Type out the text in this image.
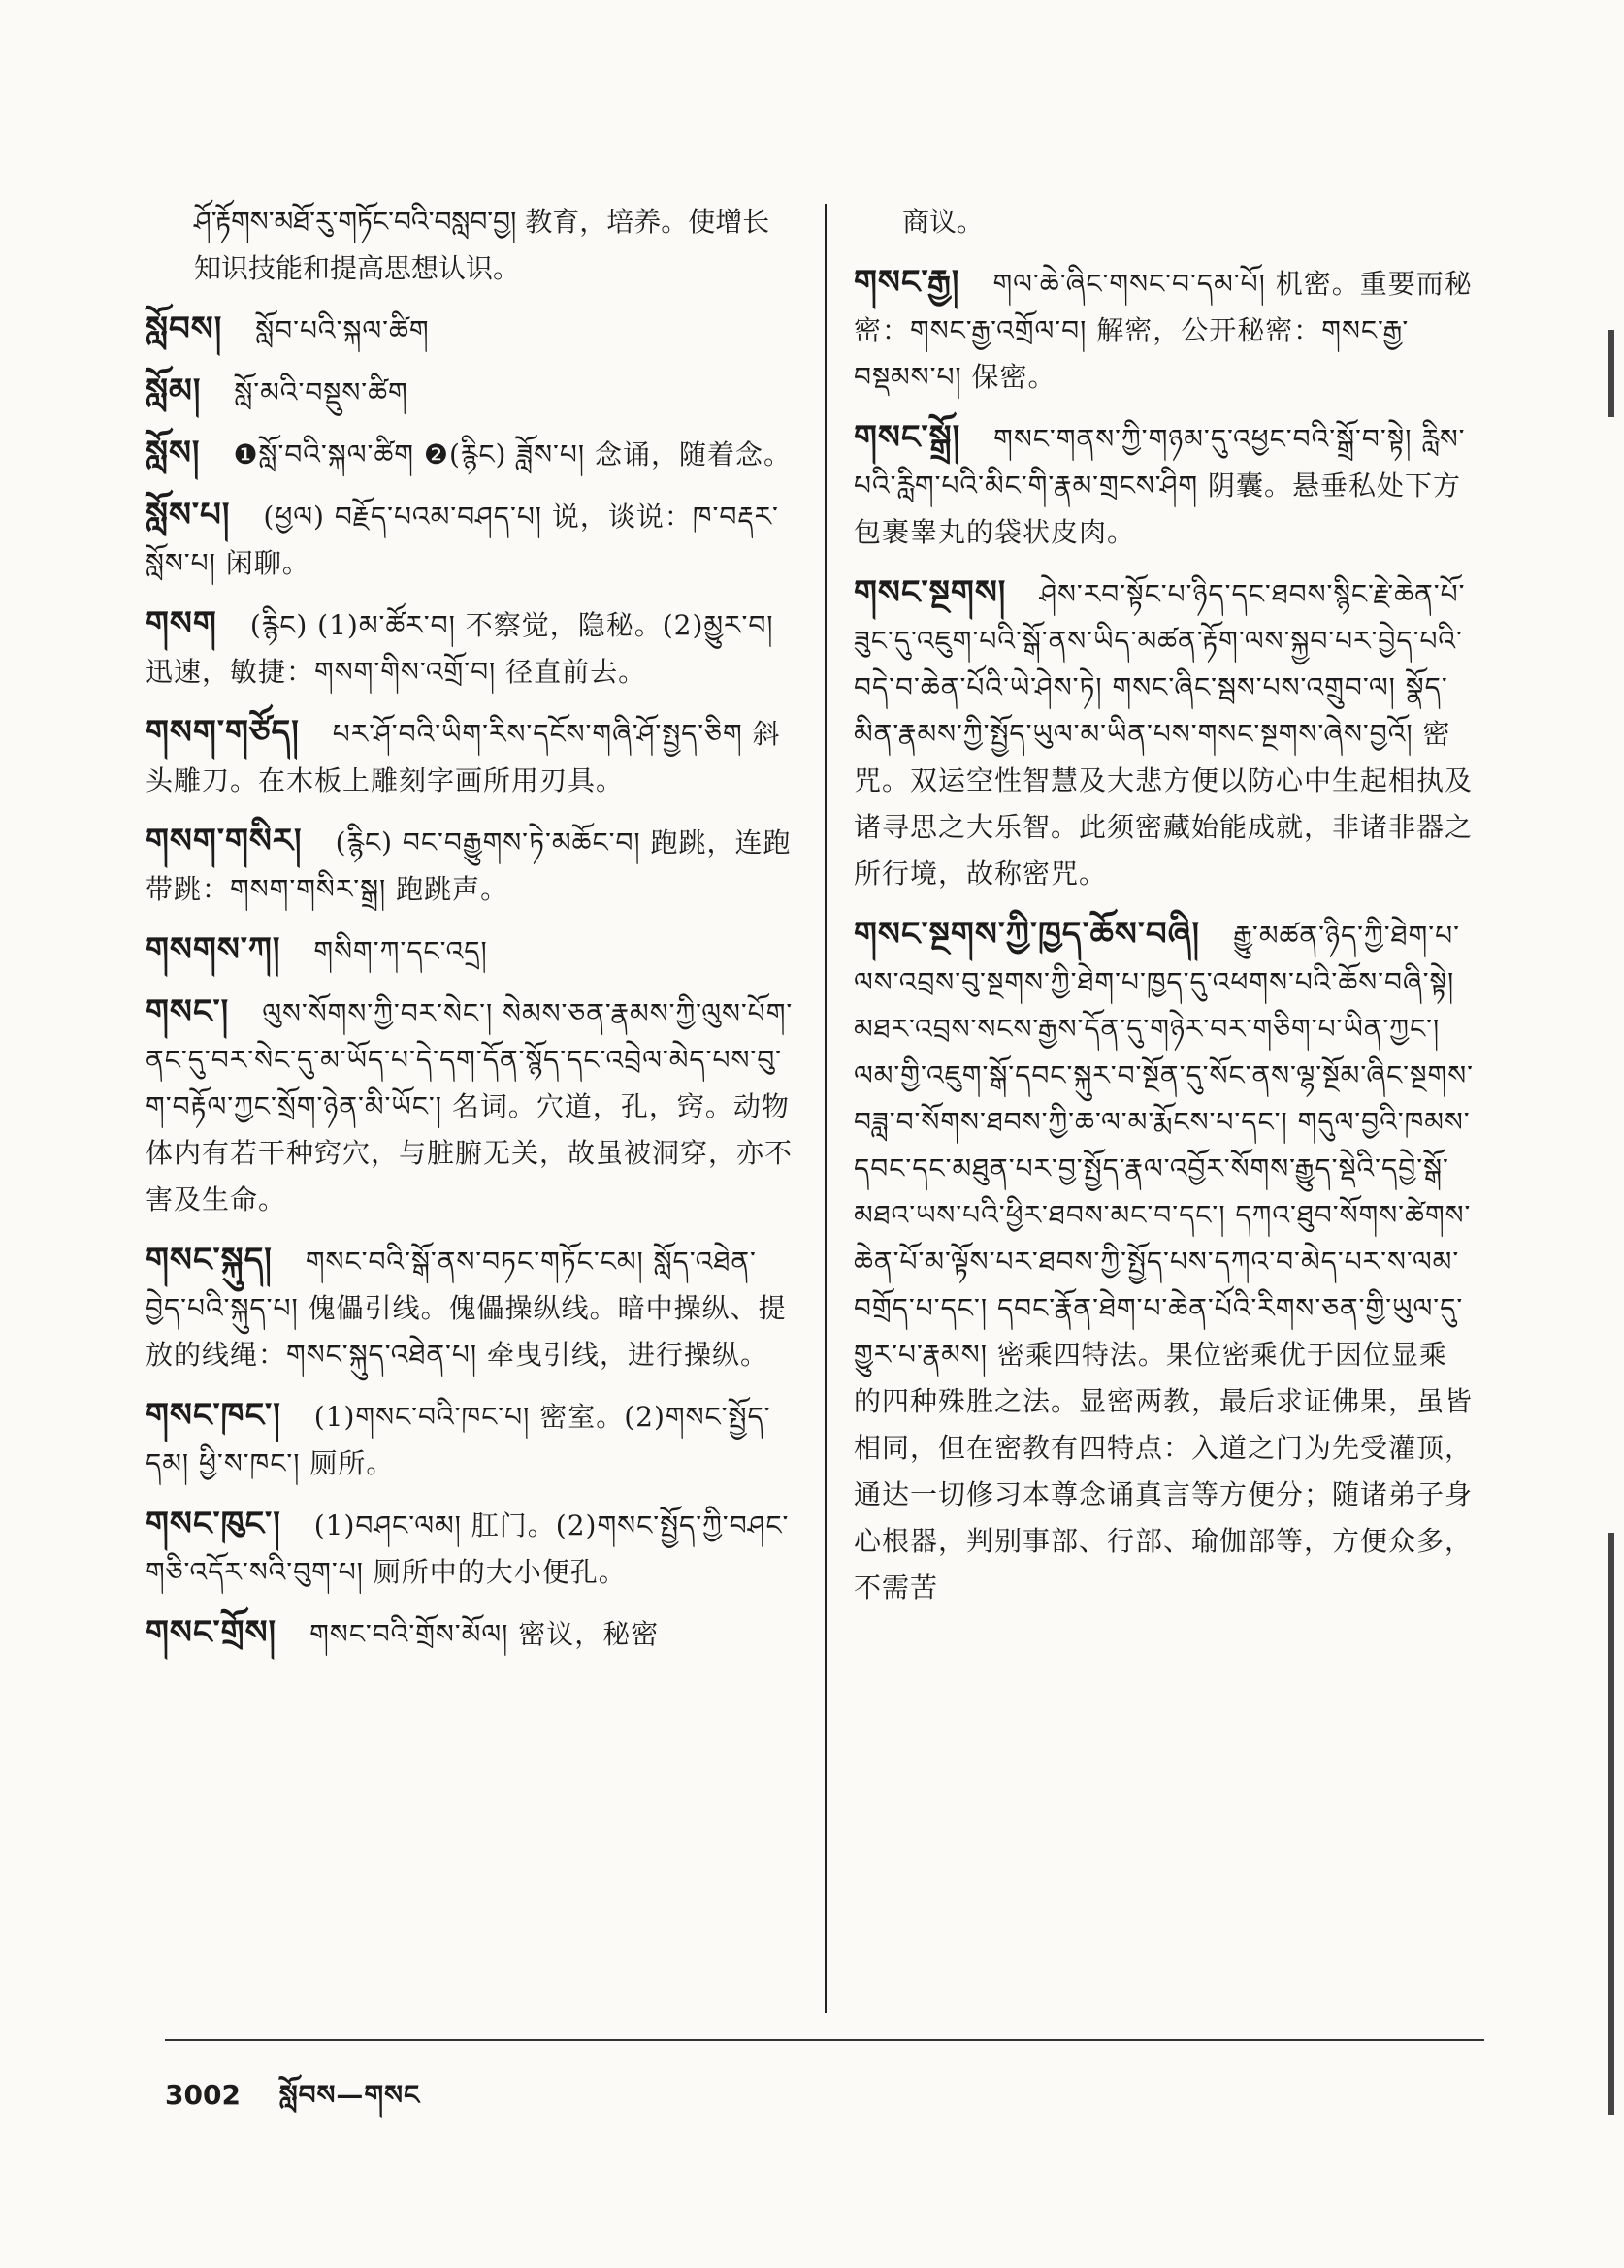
ཤོ་རྟོགས་མཐོ་རུ་གཏོང་བའི་བསླབ་བྱ། 教育，培养。使增长知识技能和提高思想认识。
སློབས། སློབ་པའི་སྐལ་ཚིག
སློམ། སློ་མའི་བསྡུས་ཚིག
སློས། ❶སློ་བའི་སྐལ་ཚིག ❷(རྙིང) ཟློས་པ། 念诵，随着念。
སློས་པ། (ཕྱལ) བརྗོད་པའམ་བཤད་པ། 说，谈说：ཁ་བརྡར་སློས་པ། 闲聊。
གསག (རྙིང) (1)མ་ཚོར་བ། 不察觉，隐秘。(2)མྱུར་བ། 迅速，敏捷：གསག་གིས་འགྲོ་བ། 径直前去。
གསག་གཙོད། པར་ཤོ་བའི་ཡིག་རིས་དངོས་གཞི་ཤོ་སྤྱད་ཅིག 斜头雕刀。在木板上雕刻字画所用刃具。
གསག་གསིར། (རྙིང) བང་བརྒྱུགས་ཏེ་མཆོང་བ། 跑跳，连跑带跳：གསག་གསིར་སྒྲ། 跑跳声。
གསགས་ཀ། གསིག་ཀ་དང་འདྲ།
གསང་། ལུས་སོགས་ཀྱི་བར་སེང་། སེམས་ཅན་རྣམས་ཀྱི་ལུས་པོག་ནང་དུ་བར་སེང་དུ་མ་ཡོད་པ་དེ་དག་དོན་སྙོད་དང་འབྲེལ་མེད་པས་བུ་ག་བརྟོལ་ཀྱང་སྲོག་ཉེན་མི་ཡོང་། 名词。穴道，孔，窍。动物体内有若干种窍穴，与脏腑无关，故虽被洞穿，亦不害及生命。
གསང་སྐུད། གསང་བའི་སྒོ་ནས་བཏང་གཏོང་ངམ། སློད་འཐེན་བྱེད་པའི་སྐུད་པ། 傀儡引线。傀儡操纵线。暗中操纵、提放的线绳：གསང་སྐུད་འཐེན་པ། 牵曳引线，进行操纵。
གསང་ཁང་། (1)གསང་བའི་ཁང་པ། 密室。(2)གསང་སྤྱོད་དམ། ཕྱི་ས་ཁང་། 厕所。
གསང་ཁུང་། (1)བཤང་ལམ། 肛门。(2)གསང་སྤྱོད་ཀྱི་བཤང་གཅི་འདོར་སའི་བུག་པ། 厕所中的大小便孔。
གསང་གྲོས། གསང་བའི་གྲོས་མོལ། 密议，秘密
商议。
གསང་རྒྱ། གལ་ཆེ་ཞིང་གསང་བ་དམ་པོ། 机密。重要而秘密：གསང་རྒྱ་འགྲོལ་བ། 解密，公开秘密：གསང་རྒྱ་བསྡམས་པ། 保密。
གསང་སྒྲོ། གསང་གནས་ཀྱི་གཉམ་དུ་འཕྱང་བའི་སྒྲོ་བ་སྟེ། རླིས་པའི་རླིག་པའི་མིང་གི་རྣམ་གྲངས་ཤིག 阴囊。悬垂私处下方包裹睾丸的袋状皮肉。
གསང་སྔགས། ཤེས་རབ་སྟོང་པ་ཉིད་དང་ཐབས་སྙིང་རྗེ་ཆེན་པོ་ཟུང་དུ་འཇུག་པའི་སྒོ་ནས་ཡིད་མཚན་རྟོག་ལས་སྐྱབ་པར་བྱེད་པའི་བདེ་བ་ཆེན་པོའི་ཡེ་ཤེས་ཏེ། གསང་ཞིང་སྦས་པས་འགྲུབ་ལ། སྣོད་མིན་རྣམས་ཀྱི་སྤྱོད་ཡུལ་མ་ཡིན་པས་གསང་སྔགས་ཞེས་བྱའོ། 密咒。双运空性智慧及大悲方便以防心中生起相执及诸寻思之大乐智。此须密藏始能成就，非诸非器之所行境，故称密咒。
གསང་སྔགས་ཀྱི་ཁྱད་ཆོས་བཞི། རྒྱུ་མཚན་ཉིད་ཀྱི་ཐེག་པ་ལས་འབྲས་བུ་སྔགས་ཀྱི་ཐེག་པ་ཁྱད་དུ་འཕགས་པའི་ཆོས་བཞི་སྟེ། མཐར་འབྲས་སངས་རྒྱས་དོན་དུ་གཉེར་བར་གཅིག་པ་ཡིན་ཀྱང་། ལམ་གྱི་འཇུག་སྒོ་དབང་སྐུར་བ་སྔོན་དུ་སོང་ནས་ལྷ་སྔོམ་ཞིང་སྔགས་བཟླ་བ་སོགས་ཐབས་ཀྱི་ཆ་ལ་མ་རྨོངས་པ་དང་། གདུལ་བྱའི་ཁམས་དབང་དང་མཐུན་པར་བྱ་སྤྱོད་རྣལ་འབྱོར་སོགས་རྒྱུད་སྡེའི་དབྱེ་སྒོ་མཐའ་ཡས་པའི་ཕྱིར་ཐབས་མང་བ་དང་། དཀའ་ཐུབ་སོགས་ཚེགས་ཆེན་པོ་མ་ལྟོས་པར་ཐབས་ཀྱི་སྤྱོད་པས་དཀའ་བ་མེད་པར་ས་ལམ་བགྲོད་པ་དང་། དབང་རྣོན་ཐེག་པ་ཆེན་པོའི་རིགས་ཅན་གྱི་ཡུལ་དུ་གྱུར་པ་རྣམས། 密乘四特法。果位密乘优于因位显乘的四种殊胜之法。显密两教，最后求证佛果，虽皆相同，但在密教有四特点：入道之门为先受灌顶，通达一切修习本尊念诵真言等方便分；随诸弟子身心根器，判别事部、行部、瑜伽部等，方便众多，不需苦
3002 སློབས—གསང
